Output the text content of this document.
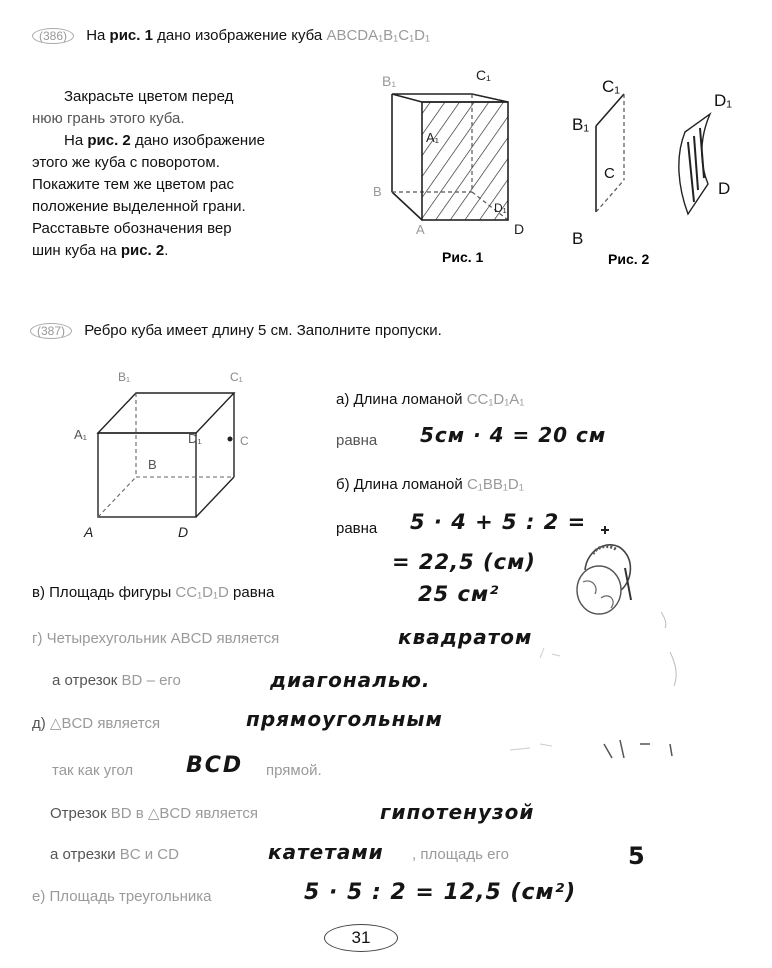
(386) На рис. 1 дано изображение куба ABCDA₁B₁C₁D₁
Закрасьте цветом перед
нюю грань этого куба.
На рис. 2 дано изображение
этого же куба с поворотом.
Покажите тем же цветом рас
положение выделенной грани.
Расставьте обозначения вер
шин куба на рис. 2.
B₁	C₁
A₁
B
A	D
D₁
Рис. 1
C₁
B₁
C
B
D₁
D
Рис. 2
(387) Ребро куба имеет длину 5 см. Заполните пропуски.
B₁	C₁
A₁	D₁
B
A	D
C
а) Длина ломаной CC₁D₁A₁
равна 5см · 4 = 20 см
б) Длина ломаной C₁BB₁D₁
равна 5 · 4 + 5 : 2 =
= 22,5 (см)
в) Площадь фигуры CC₁D₁D равна	25 см²
г) Четырехугольник ABCD является	квадратом
а отрезок BD – его	диагональю.
д) △BCD является	прямоугольным
так как угол BCD прямой.
Отрезок BD в △BCD является	гипотенузой
а отрезки BC и CD	катетами , площадь его	5
е) Площадь треугольника	5 · 5 : 2 = 12,5 (см²)
31
